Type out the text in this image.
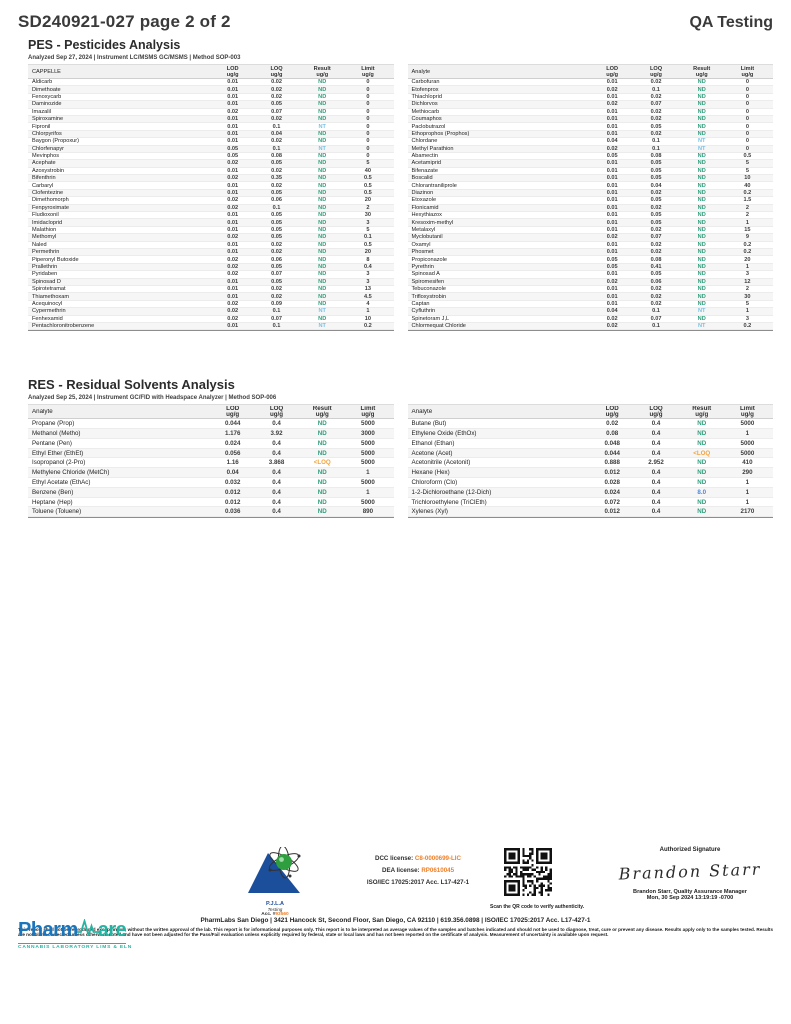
SD240921-027 page 2 of 2	QA Testing
PES - Pesticides Analysis
Analyzed Sep 27, 2024 | Instrument LC/MSMS GC/MSMS | Method SOP-003
CAPPELLE	LOD
ug/g
LOQ
ug/g
Result
ug/g
Limit
ug/g
Aldicarb	0.01	0.02	ND	0
Dimethoate	0.01	0.02	ND	0
Fenoxycarb	0.01	0.02	ND	0
Daminozide	0.01	0.05	ND	0
Imazalil	0.02	0.07	ND	0
Spiroxamine	0.01	0.02	ND	0
Fipronil	0.01	0.1	NT	0
Chlorpyrifos	0.01	0.04	ND	0
Baygon (Propoxur)	0.01	0.02	ND	0
Chlorfenapyr	0.05	0.1	NT	0
Mevinphos	0.05	0.08	ND	0
Acephate	0.02	0.05	ND	5
Azoxystrobin	0.01	0.02	ND	40
Bifenthrin	0.02	0.35	ND	0.5
Carbaryl	0.01	0.02	ND	0.5
Clofentezine	0.01	0.05	ND	0.5
Dimethomorph	0.02	0.06	ND	20
Fenpyroximate	0.02	0.1	ND	2
Fludioxonil	0.01	0.05	ND	30
Imidacloprid	0.01	0.05	ND	3
Malathion	0.01	0.05	ND	5
Methomyl	0.02	0.05	ND	0.1
Naled	0.01	0.02	ND	0.5
Permethrin	0.01	0.02	ND	20
Piperonyl Butoxide	0.02	0.06	ND	8
Prallethrin	0.02	0.05	ND	0.4
Pyridaben	0.02	0.07	ND	3
Spinosad D	0.01	0.05	ND	3
Spirotetramat	0.01	0.02	ND	13
Thiamethoxam	0.01	0.02	ND	4.5
Acequinocyl	0.02	0.09	ND	4
Cypermethrin	0.02	0.1	NT	1
Fenhexamid	0.02	0.07	ND	10
Pentachloronitrobenzene	0.01	0.1	NT	0.2
Analyte	LOD
ug/g
LOQ
ug/g
Result
ug/g
Limit
ug/g
Carbofuran	0.01	0.02	ND	0
Etofenprox	0.02	0.1	ND	0
Thiachloprid	0.01	0.02	ND	0
Dichlorvos	0.02	0.07	ND	0
Methiocarb	0.01	0.02	ND	0
Coumaphos	0.01	0.02	ND	0
Paclobutrazol	0.01	0.05	ND	0
Ethoprophos (Prophos)	0.01	0.02	ND	0
Chlordane	0.04	0.1	NT	0
Methyl Parathion	0.02	0.1	NT	0
Abamectin	0.05	0.08	ND	0.5
Acetamiprid	0.01	0.05	ND	5
Bifenazate	0.01	0.05	ND	5
Boscalid	0.01	0.05	ND	10
Chlorantraniliprole	0.01	0.04	ND	40
Diazinon	0.01	0.02	ND	0.2
Etoxazole	0.01	0.05	ND	1.5
Flonicamid	0.01	0.02	ND	2
Hexythiazox	0.01	0.05	ND	2
Kresoxim-methyl	0.01	0.05	ND	1
Metalaxyl	0.01	0.02	ND	15
Myclobutanil	0.02	0.07	ND	9
Oxamyl	0.01	0.02	ND	0.2
Phosmet	0.01	0.02	ND	0.2
Propiconazole	0.05	0.08	ND	20
Pyrethrin	0.05	0.41	ND	1
Spinosad A	0.01	0.05	ND	3
Spiromesifen	0.02	0.06	ND	12
Tebuconazole	0.01	0.02	ND	2
Trifloxystrobin	0.01	0.02	ND	30
Captan	0.01	0.02	ND	5
Cyfluthrin	0.04	0.1	NT	1
Spinetoram J,L	0.02	0.07	ND	3
Chlormequat Chloride	0.02	0.1	NT	0.2
RES - Residual Solvents Analysis
Analyzed Sep 25, 2024 | Instrument GC/FID with Headspace Analyzer | Method SOP-006
Analyte	LOD
ug/g
LOQ
ug/g
Result
ug/g
Limit
ug/g
Propane (Prop)	0.044	0.4	ND	5000
Methanol (Metho)	1.176	3.92	ND	3000
Pentane (Pen)	0.024	0.4	ND	5000
Ethyl Ether (EthEt)	0.056	0.4	ND	5000
Isopropanol (2-Pro)	1.16	3.868	<LOQ	5000
Methylene Chloride (MetCh)	0.04	0.4	ND	1
Ethyl Acetate (EthAc)	0.032	0.4	ND	5000
Benzene (Ben)	0.012	0.4	ND	1
Heptane (Hep)	0.012	0.4	ND	5000
Toluene (Toluene)	0.036	0.4	ND	890
Analyte	LOD
ug/g
LOQ
ug/g
Result
ug/g
Limit
ug/g
Butane (But)	0.02	0.4	ND	5000
Ethylene Oxide (EthOx)	0.08	0.4	ND	1
Ethanol (Ethan)	0.048	0.4	ND	5000
Acetone (Acet)	0.044	0.4	<LOQ	5000
Acetonitrile (Acetonit)	0.888	2.952	ND	410
Hexane (Hex)	0.012	0.4	ND	290
Chloroform (Clo)	0.028	0.4	ND	1
1-2-Dichloroethane (12-Dich)	0.024	0.4	8.0	1
Trichloroethylene (TriClEth)	0.072	0.4	ND	1
Xylenes (Xyl)	0.012	0.4	ND	2170
P.J.L.A
Testing
Acc. #93560
DCC license: C8-0000699-LIC
DEA license: RP0610045
ISO/IEC 17025:2017 Acc. L17-427-1
Scan the QR code to verify authenticity.
Authorized Signature
Brandon Starr
Brandon Starr, Quality Assurance Manager
Mon, 30 Sep 2024 13:19:19 -0700
PharmLabs San Diego | 3421 Hancock St, Second Floor, San Diego, CA 92110 | 619.356.0898 | ISO/IEC 17025:2017 Acc. L17-427-1
This report shall not be reproduced except in full, without the written approval of the lab. This report is for informational purposes only. This report is to be interpreted as average values of the samples and batches indicated and should not be used to diagnose, treat, cure or prevent any disease. Results apply only to the samples tested. Results are not blank corrected unless otherwise noted and have not been adjusted for the Pass/Fail evaluation unless explicitly required by federal, state or local laws and has not been reported on the certificate of analysis. Measurement of uncertainty is available upon request.
Pharm are
CANNABIS LABORATORY LIMS & ELN
